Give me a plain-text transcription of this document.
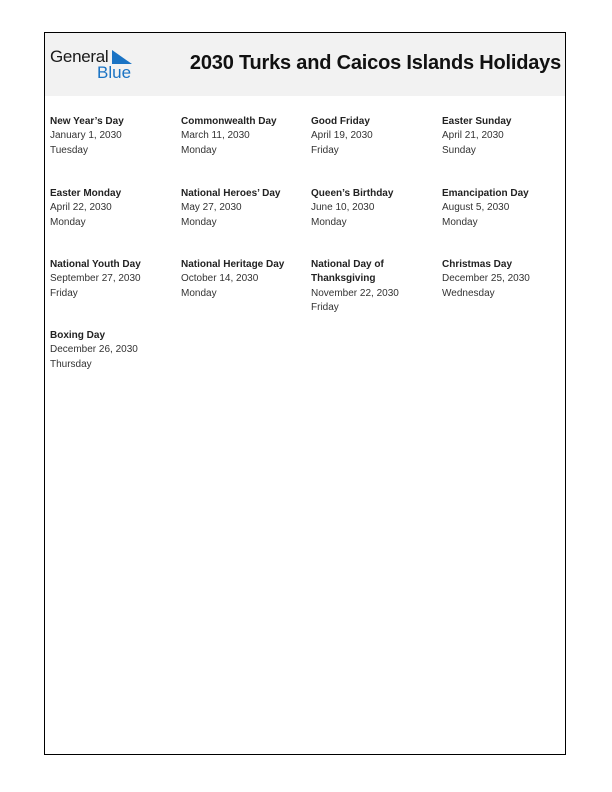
General
Blue	2030 Turks and Caicos Islands Holidays
New Year’s Day
January 1, 2030
Tuesday
Commonwealth Day
March 11, 2030
Monday
Good Friday
April 19, 2030
Friday
Easter Sunday
April 21, 2030
Sunday
Easter Monday
April 22, 2030
Monday
National Heroes’ Day
May 27, 2030
Monday
Queen’s Birthday
June 10, 2030
Monday
Emancipation Day
August 5, 2030
Monday
National Youth Day
September 27, 2030
Friday
National Heritage Day
October 14, 2030
Monday
National Day of Thanksgiving
November 22, 2030
Friday
Christmas Day
December 25, 2030
Wednesday
Boxing Day
December 26, 2030
Thursday
